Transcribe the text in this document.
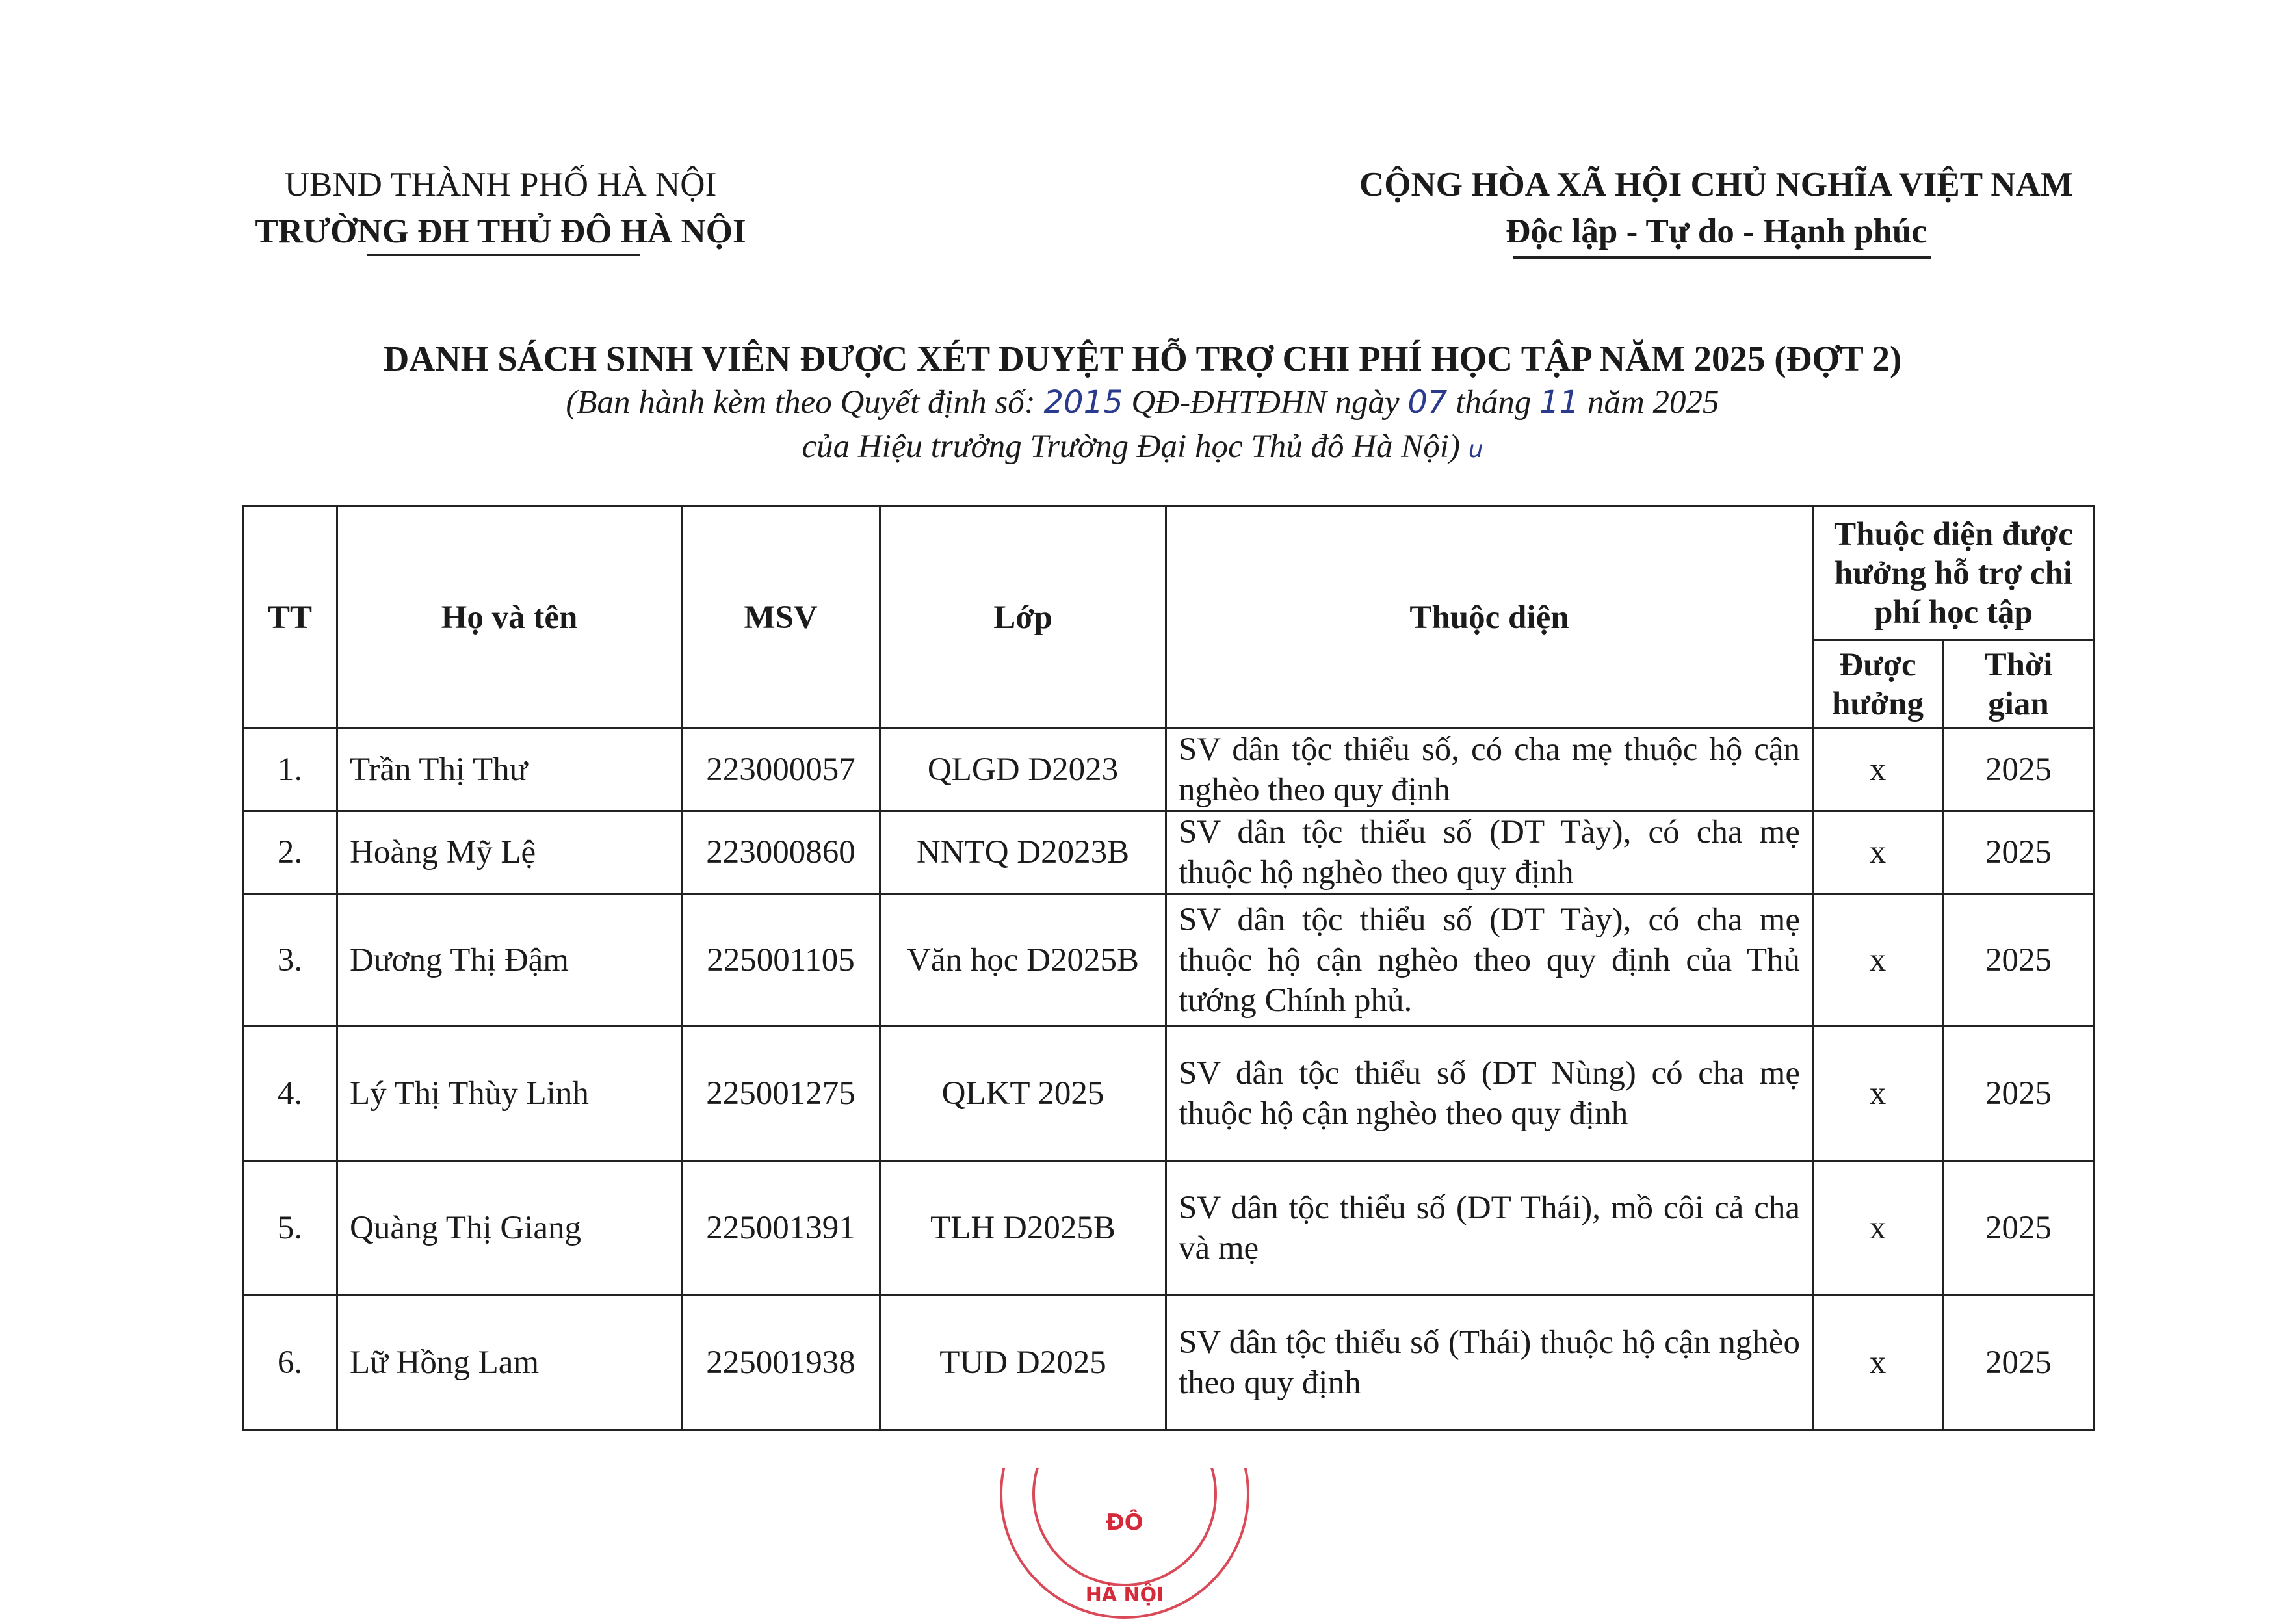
UBND THÀNH PHỐ HÀ NỘI
TRƯỜNG ĐH THỦ ĐÔ HÀ NỘI
CỘNG HÒA XÃ HỘI CHỦ NGHĨA VIỆT NAM
Độc lập - Tự do - Hạnh phúc
DANH SÁCH SINH VIÊN ĐƯỢC XÉT DUYỆT HỖ TRỢ CHI PHÍ HỌC TẬP NĂM 2025 (ĐỢT 2)
(Ban hành kèm theo Quyết định số: 2015 QĐ-ĐHTĐHN ngày 07 tháng 11 năm 2025
của Hiệu trưởng Trường Đại học Thủ đô Hà Nội) u
TT	Họ và tên	MSV	Lớp	Thuộc diện	Thuộc diện được hưởng hỗ trợ chi phí học tập	
					Được hưởng	Thời gian
1.	Trần Thị Thư	223000057	QLGD D2023	SV dân tộc thiểu số, có cha mẹ thuộc hộ cận nghèo theo quy định	x	2025
2.	Hoàng Mỹ Lệ	223000860	NNTQ D2023B	SV dân tộc thiểu số (DT Tày), có cha mẹ thuộc hộ nghèo theo quy định	x	2025
3.	Dương Thị Đậm	225001105	Văn học D2025B	SV dân tộc thiểu số (DT Tày), có cha mẹ thuộc hộ cận nghèo theo quy định của Thủ tướng Chính phủ.	x	2025
4.	Lý Thị Thùy Linh	225001275	QLKT 2025	SV dân tộc thiểu số (DT Nùng) có cha mẹ thuộc hộ cận nghèo theo quy định	x	2025
5.	Quàng Thị Giang	225001391	TLH D2025B	SV dân tộc thiểu số (DT Thái), mồ côi cả cha và mẹ	x	2025
6.	Lữ Hồng Lam	225001938	TUD D2025	SV dân tộc thiểu số (Thái) thuộc hộ cận nghèo theo quy định	x	2025
ĐÔ
HÀ NỘI
